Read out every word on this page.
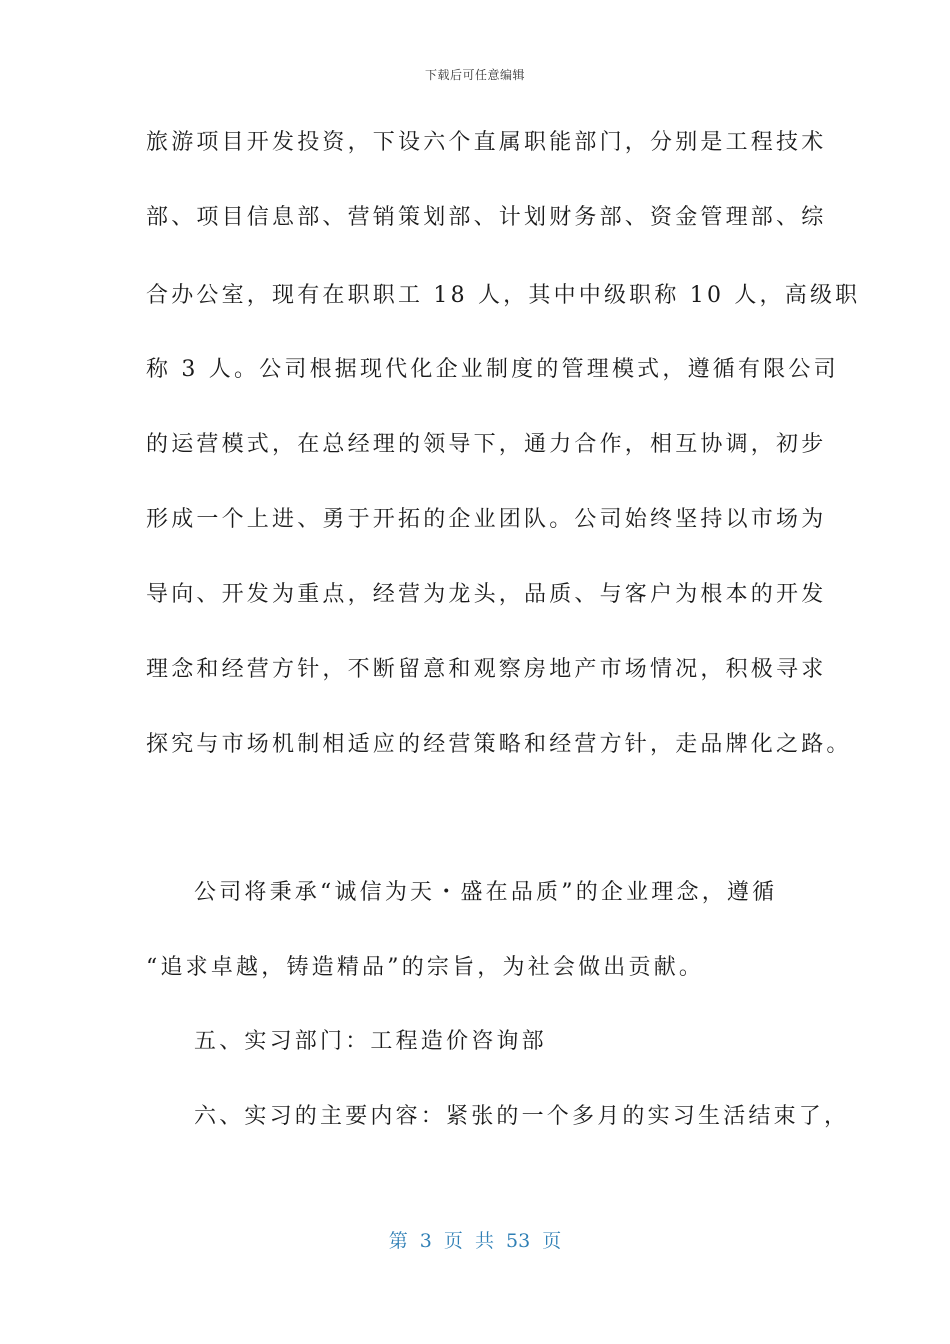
下载后可任意编辑
旅游项目开发投资，下设六个直属职能部门，分别是工程技术
部、项目信息部、营销策划部、计划财务部、资金管理部、综
合办公室，现有在职职工 18 人，其中中级职称 10 人，高级职
称 3 人。公司根据现代化企业制度的管理模式，遵循有限公司
的运营模式，在总经理的领导下，通力合作，相互协调，初步
形成一个上进、勇于开拓的企业团队。公司始终坚持以市场为
导向、开发为重点，经营为龙头，品质、与客户为根本的开发
理念和经营方针，不断留意和观察房地产市场情况，积极寻求
探究与市场机制相适应的经营策略和经营方针，走品牌化之路。
公司将秉承“诚信为天・盛在品质”的企业理念，遵循
“追求卓越，铸造精品”的宗旨，为社会做出贡献。
五、实习部门：工程造价咨询部
六、实习的主要内容：紧张的一个多月的实习生活结束了，
第 3 页 共 53 页
